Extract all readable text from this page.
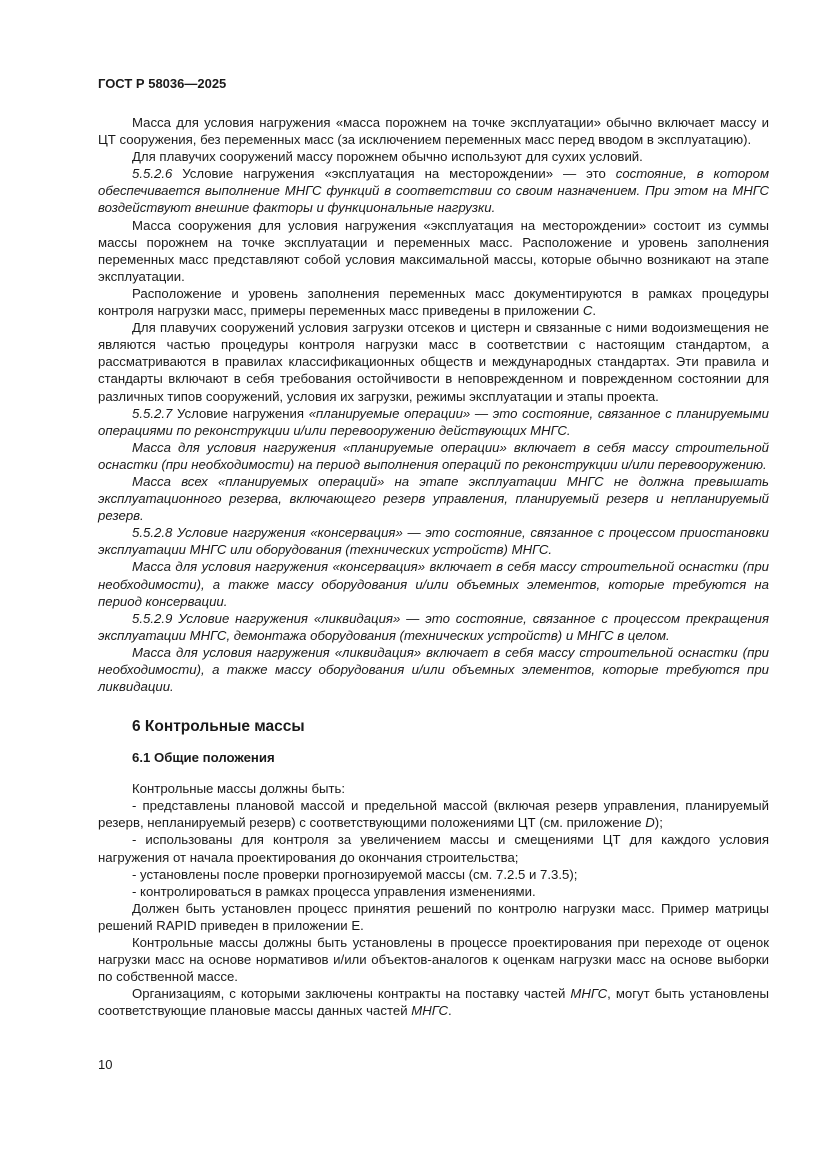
ГОСТ Р 58036—2025

Масса для условия нагружения «масса порожнем на точке эксплуатации» обычно включает массу и ЦТ сооружения, без переменных масс (за исключением переменных масс перед вводом в эксплуатацию).

Для плавучих сооружений массу порожнем обычно используют для сухих условий.

5.5.2.6 Условие нагружения «эксплуатация на месторождении» — это состояние, в котором обеспечивается выполнение МНГС функций в соответствии со своим назначением. При этом на МНГС воздействуют внешние факторы и функциональные нагрузки.

Масса сооружения для условия нагружения «эксплуатация на месторождении» состоит из суммы массы порожнем на точке эксплуатации и переменных масс. Расположение и уровень заполнения переменных масс представляют собой условия максимальной массы, которые обычно возникают на этапе эксплуатации.

Расположение и уровень заполнения переменных масс документируются в рамках процедуры контроля нагрузки масс, примеры переменных масс приведены в приложении С.

Для плавучих сооружений условия загрузки отсеков и цистерн и связанные с ними водоизмещения не являются частью процедуры контроля нагрузки масс в соответствии с настоящим стандартом, а рассматриваются в правилах классификационных обществ и международных стандартах. Эти правила и стандарты включают в себя требования остойчивости в неповрежденном и поврежденном состоянии для различных типов сооружений, условия их загрузки, режимы эксплуатации и этапы проекта.

5.5.2.7 Условие нагружения «планируемые операции» — это состояние, связанное с планируемыми операциями по реконструкции и/или перевооружению действующих МНГС.

Масса для условия нагружения «планируемые операции» включает в себя массу строительной оснастки (при необходимости) на период выполнения операций по реконструкции и/или перевооружению.

Масса всех «планируемых операций» на этапе эксплуатации МНГС не должна превышать эксплуатационного резерва, включающего резерв управления, планируемый резерв и непланируемый резерв.

5.5.2.8 Условие нагружения «консервация» — это состояние, связанное с процессом приостановки эксплуатации МНГС или оборудования (технических устройств) МНГС.

Масса для условия нагружения «консервация» включает в себя массу строительной оснастки (при необходимости), а также массу оборудования и/или объемных элементов, которые требуются на период консервации.

5.5.2.9 Условие нагружения «ликвидация» — это состояние, связанное с процессом прекращения эксплуатации МНГС, демонтажа оборудования (технических устройств) и МНГС в целом.

Масса для условия нагружения «ликвидация» включает в себя массу строительной оснастки (при необходимости), а также массу оборудования и/или объемных элементов, которые требуются при ликвидации.

6 Контрольные массы
6.1 Общие положения

Контрольные массы должны быть:

- представлены плановой массой и предельной массой (включая резерв управления, планируемый резерв, непланируемый резерв) с соответствующими положениями ЦТ (см. приложение D);

- использованы для контроля за увеличением массы и смещениями ЦТ для каждого условия нагружения от начала проектирования до окончания строительства;

- установлены после проверки прогнозируемой массы (см. 7.2.5 и 7.3.5);

- контролироваться в рамках процесса управления изменениями.

Должен быть установлен процесс принятия решений по контролю нагрузки масс. Пример матрицы решений RAPID приведен в приложении Е.

Контрольные массы должны быть установлены в процессе проектирования при переходе от оценок нагрузки масс на основе нормативов и/или объектов-аналогов к оценкам нагрузки масс на основе выборки по собственной массе.

Организациям, с которыми заключены контракты на поставку частей МНГС, могут быть установлены соответствующие плановые массы данных частей МНГС.

10
